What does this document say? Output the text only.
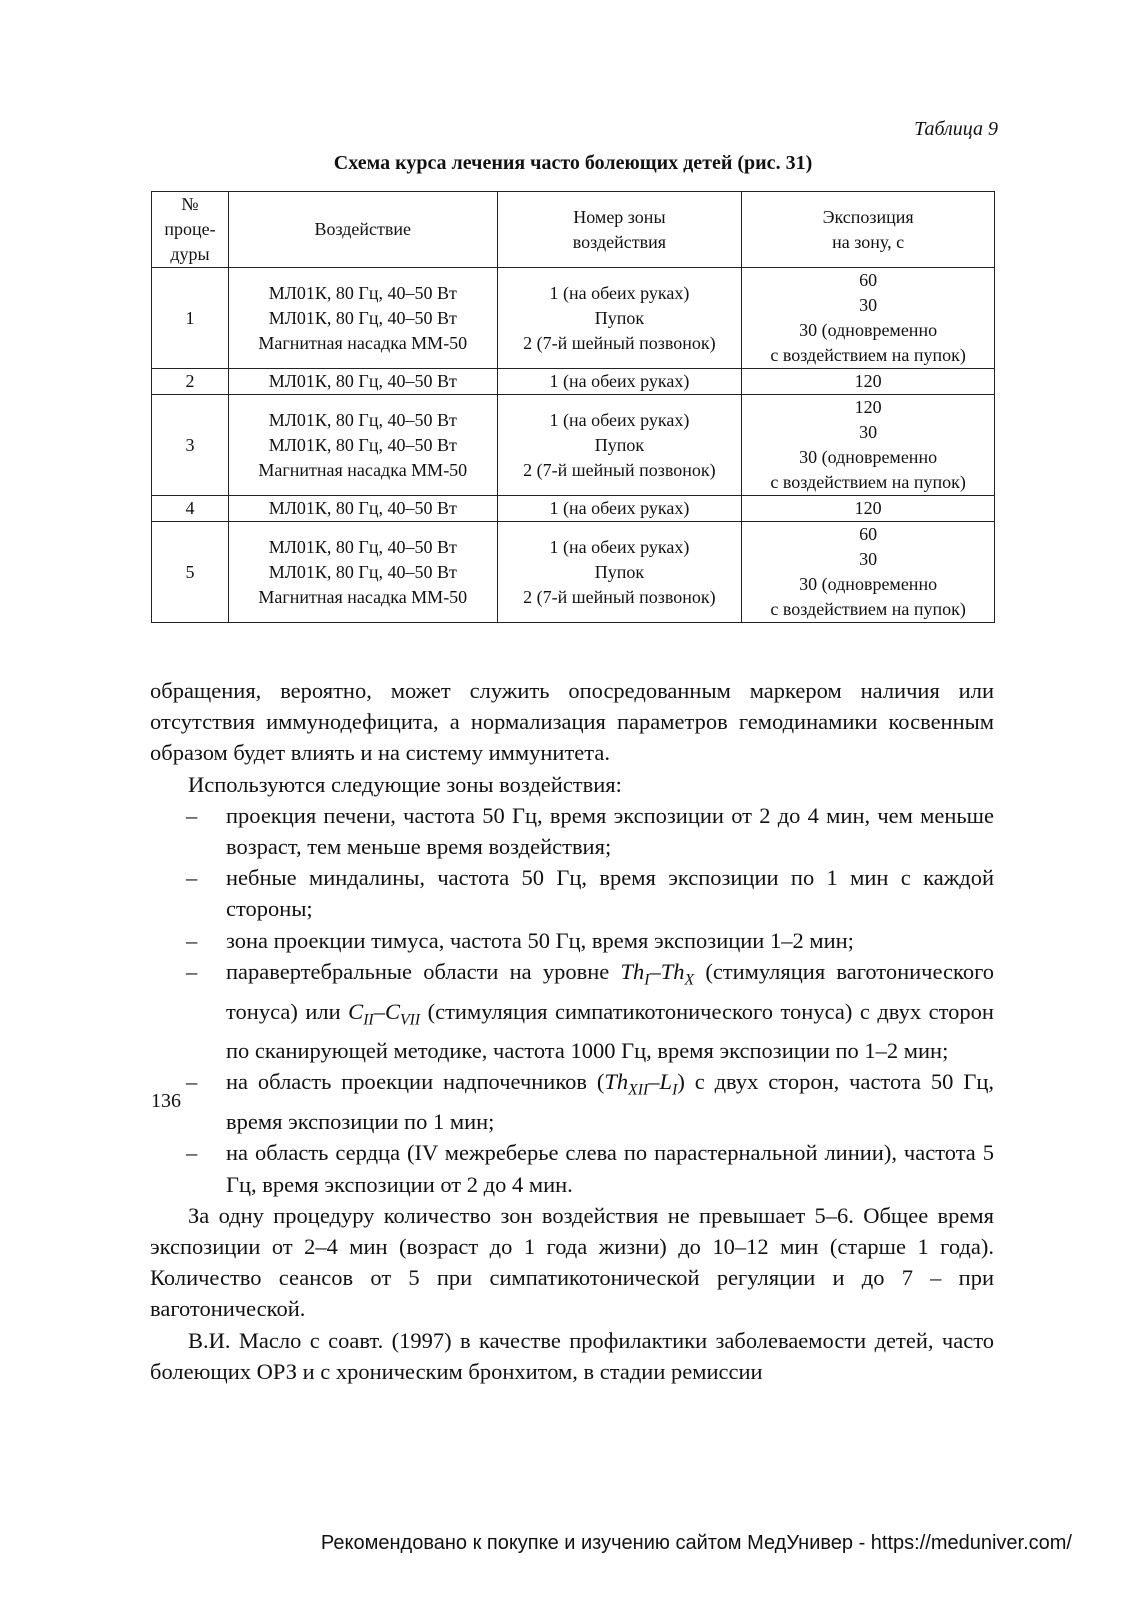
Таблица 9
Схема курса лечения часто болеющих детей (рис. 31)
№
проце-
дуры	Воздействие	Номер зоны
воздействия	Экспозиция
на зону, с
1	МЛ01К, 80 Гц, 40–50 Вт
МЛ01К, 80 Гц, 40–50 Вт
Магнитная насадка ММ-50	1 (на обеих руках)
Пупок
2 (7-й шейный позвонок)	60
30
30 (одновременно
с воздействием на пупок)
2	МЛ01К, 80 Гц, 40–50 Вт	1 (на обеих руках)	120
3	МЛ01К, 80 Гц, 40–50 Вт
МЛ01К, 80 Гц, 40–50 Вт
Магнитная насадка ММ-50	1 (на обеих руках)
Пупок
2 (7-й шейный позвонок)	120
30
30 (одновременно
с воздействием на пупок)
4	МЛ01К, 80 Гц, 40–50 Вт	1 (на обеих руках)	120
5	МЛ01К, 80 Гц, 40–50 Вт
МЛ01К, 80 Гц, 40–50 Вт
Магнитная насадка ММ-50	1 (на обеих руках)
Пупок
2 (7-й шейный позвонок)	60
30
30 (одновременно
с воздействием на пупок)

обращения, вероятно, может служить опосредованным маркером наличия или отсутствия иммунодефицита, а нормализация параметров гемодинамики косвенным образом будет влиять и на систему иммунитета.

Используются следующие зоны воздействия:

– проекция печени, частота 50 Гц, время экспозиции от 2 до 4 мин, чем меньше возраст, тем меньше время воздействия;
– небные миндалины, частота 50 Гц, время экспозиции по 1 мин с каждой стороны;
– зона проекции тимуса, частота 50 Гц, время экспозиции 1–2 мин;
– паравертебральные области на уровне $Th_I-Th_X$ (стимуляция ваготонического тонуса) или $C_{II}-C_{VII}$ (стимуляция симпатикотонического тонуса) с двух сторон по сканирующей методике, частота 1000 Гц, время экспозиции по 1–2 мин;
– на область проекции надпочечников $(Th_{XII}-L_I)$ с двух сторон, частота 50 Гц, время экспозиции по 1 мин;
– на область сердца (IV межреберье слева по парастернальной линии), частота 5 Гц, время экспозиции от 2 до 4 мин.

За одну процедуру количество зон воздействия не превышает 5–6. Общее время экспозиции от 2–4 мин (возраст до 1 года жизни) до 10–12 мин (старше 1 года). Количество сеансов от 5 при симпатикотонической регуляции и до 7 – при ваготонической.

В.И. Масло с соавт. (1997) в качестве профилактики заболеваемости детей, часто болеющих ОРЗ и с хроническим бронхитом, в стадии ремиссии

136
Рекомендовано к покупке и изучению сайтом МедУнивер - https://meduniver.com/
